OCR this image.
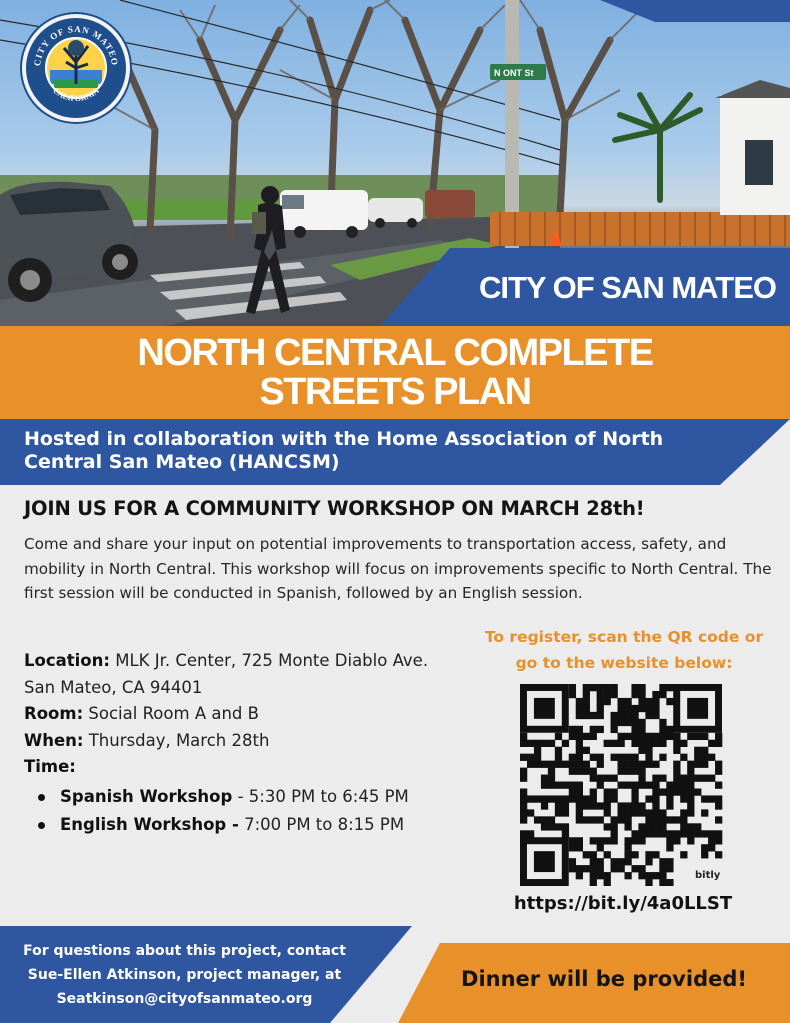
N ONT St
CITY OF SAN MATEO
CALIFORNIA
CITY OF SAN MATEO
NORTH CENTRAL COMPLETE
STREETS PLAN

Hosted in collaboration with the Home Association of North Central San Mateo (HANCSM)

JOIN US FOR A COMMUNITY WORKSHOP ON MARCH 28th!

Come and share your input on potential improvements to transportation access, safety, and mobility in North Central. This workshop will focus on improvements specific to North Central. The first session will be conducted in Spanish, followed by an English session.

Location: MLK Jr. Center, 725 Monte Diablo Ave.
San Mateo, CA 94401
Room: Social Room A and B
When: Thursday, March 28th
Time:
Spanish Workshop - 5:30 PM to 6:45 PM
English Workshop - 7:00 PM to 8:15 PM
To register, scan the QR code or
go to the website below:
bitly
https://bit.ly/4a0LLST

For questions about this project, contact
Sue-Ellen Atkinson, project manager, at
Seatkinson@cityofsanmateo.org

Dinner will be provided!
